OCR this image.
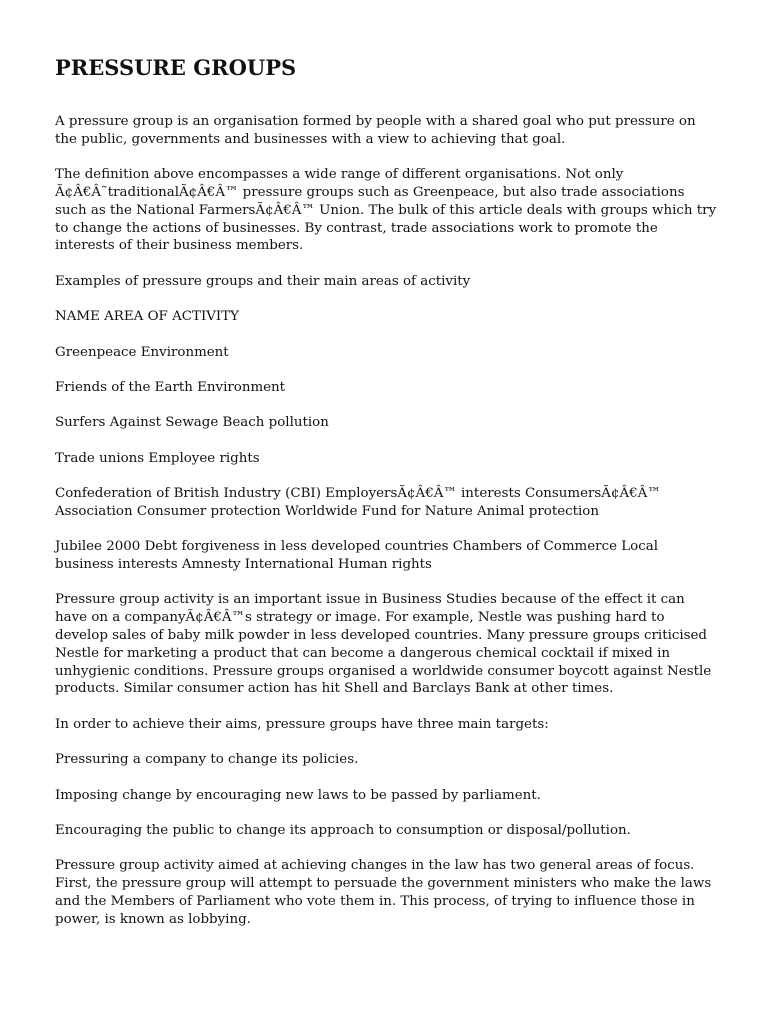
PRESSURE GROUPS

A pressure group is an organisation formed by people with a shared goal who put pressure on the public, governments and businesses with a view to achieving that goal.

The definition above encompasses a wide range of different organisations. Not only Ã¢Â€Â˜traditionalÃ¢Â€Â™ pressure groups such as Greenpeace, but also trade associations such as the National FarmersÃ¢Â€Â™ Union. The bulk of this article deals with groups which try to change the actions of businesses. By contrast, trade associations work to promote the interests of their business members.

Examples of pressure groups and their main areas of activity

NAME AREA OF ACTIVITY

Greenpeace Environment

Friends of the Earth Environment

Surfers Against Sewage Beach pollution

Trade unions Employee rights

Confederation of British Industry (CBI) EmployersÃ¢Â€Â™ interests ConsumersÃ¢Â€Â™ Association Consumer protection Worldwide Fund for Nature Animal protection

Jubilee 2000 Debt forgiveness in less developed countries Chambers of Commerce Local business interests Amnesty International Human rights

Pressure group activity is an important issue in Business Studies because of the effect it can have on a companyÃ¢Â€Â™s strategy or image. For example, Nestle was pushing hard to develop sales of baby milk powder in less developed countries. Many pressure groups criticised Nestle for marketing a product that can become a dangerous chemical cocktail if mixed in unhygienic conditions. Pressure groups organised a worldwide consumer boycott against Nestle products. Similar consumer action has hit Shell and Barclays Bank at other times.

In order to achieve their aims, pressure groups have three main targets:

Pressuring a company to change its policies.

Imposing change by encouraging new laws to be passed by parliament.

Encouraging the public to change its approach to consumption or disposal/pollution.

Pressure group activity aimed at achieving changes in the law has two general areas of focus. First, the pressure group will attempt to persuade the government ministers who make the laws and the Members of Parliament who vote them in. This process, of trying to influence those in power, is known as lobbying.
